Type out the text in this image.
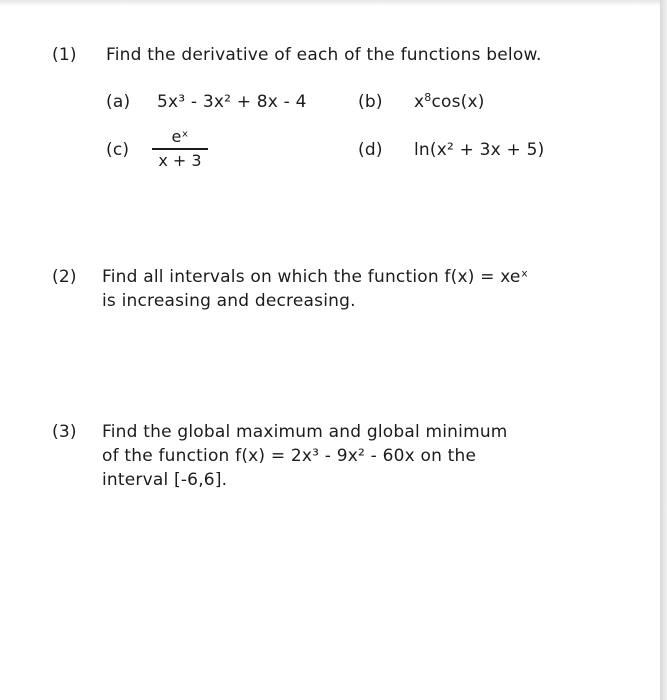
(1) Find the derivative of each of the functions below.
(a) 5x³ - 3x² + 8x - 4	(b) $x^8\cos(x)$
(c)
eˣ
x + 3	(d) ln(x² + 3x + 5)
(2) Find all intervals on which the function f(x) = xeˣ
is increasing and decreasing.
(3) Find the global maximum and global minimum
of the function f(x) = 2x³ - 9x² - 60x on the
interval [-6,6].
